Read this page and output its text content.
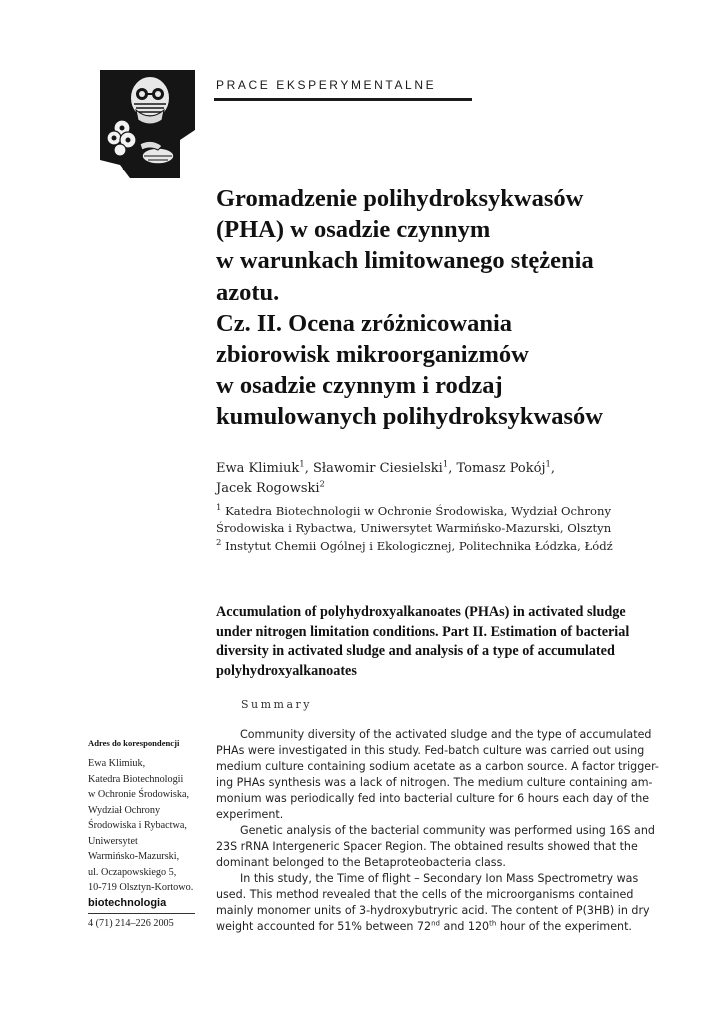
PRACE EKSPERYMENTALNE
Gromadzenie polihydroksykwasów
(PHA) w osadzie czynnym
w warunkach limitowanego stężenia
azotu.
Cz. II. Ocena zróżnicowania
zbiorowisk mikroorganizmów
w osadzie czynnym i rodzaj
kumulowanych polihydroksykwasów
Ewa Klimiuk$^1$, Sławomir Ciesielski$^1$, Tomasz Pokój$^1$,
Jacek Rogowski$^2$
$^1$ Katedra Biotechnologii w Ochronie Środowiska, Wydział Ochrony
Środowiska i Rybactwa, Uniwersytet Warmińsko-Mazurski, Olsztyn
$^2$ Instytut Chemii Ogólnej i Ekologicznej, Politechnika Łódzka, Łódź
Accumulation of polyhydroxyalkanoates (PHAs) in activated sludge
under nitrogen limitation conditions. Part II. Estimation of bacterial
diversity in activated sludge and analysis of a type of accumulated
polyhydroxyalkanoates
Summary

Community diversity of the activated sludge and the type of accumulated
PHAs were investigated in this study. Fed-batch culture was carried out using
medium culture containing sodium acetate as a carbon source. A factor trigger-
ing PHAs synthesis was a lack of nitrogen. The medium culture containing am-
monium was periodically fed into bacterial culture for 6 hours each day of the
experiment.

Genetic analysis of the bacterial community was performed using 16S and
23S rRNA Intergeneric Spacer Region. The obtained results showed that the
dominant belonged to the Betaproteobacteria class.

In this study, the Time of flight – Secondary Ion Mass Spectrometry was
used. This method revealed that the cells of the microorganisms contained
mainly monomer units of 3-hydroxybutryric acid. The content of P(3HB) in dry
weight accounted for 51% between 72nd and 120th hour of the experiment.

Adres do korespondencji
Ewa Klimiuk,
Katedra Biotechnologii
w Ochronie Środowiska,
Wydział Ochrony
Środowiska i Rybactwa,
Uniwersytet
Warmińsko-Mazurski,
ul. Oczapowskiego 5,
10-719 Olsztyn-Kortowo.
biotechnologia
4 (71) 214–226 2005
